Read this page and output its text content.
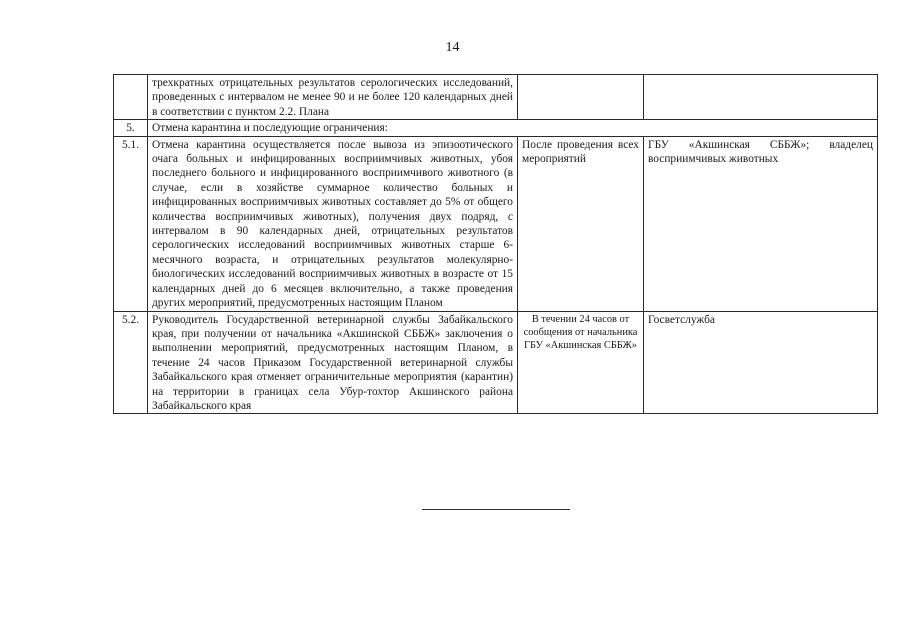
14
	трехкратных отрицательных результатов серологических исследований, проведенных с интервалом не менее 90 и не более 120 календарных дней в соответствии с пунктом 2.2. Плана		
5.	Отмена карантина и последующие ограничения:		
5.1.	Отмена карантина осуществляется после вывоза из эпизоотического очага больных и инфицированных восприимчивых животных, убоя последнего больного и инфицированного восприимчивого животного (в случае, если в хозяйстве суммарное количество больных и инфицированных восприимчивых животных составляет до 5% от общего количества восприимчивых животных), получения двух подряд, с интервалом в 90 календарных дней, отрицательных результатов серологических исследований восприимчивых животных старше 6-месячного возраста, и отрицательных результатов молекулярно-биологических исследований восприимчивых животных в возрасте от 15 календарных дней до 6 месяцев включительно, а также проведения других мероприятий, предусмотренных настоящим Планом	После проведения всех мероприятий	ГБУ «Акшинская СББЖ»; владелец восприимчивых животных
5.2.	Руководитель Государственной ветеринарной службы Забайкальского края, при получении от начальника «Акшинской СББЖ» заключения о выполнении мероприятий, предусмотренных настоящим Планом, в течение 24 часов Приказом Государственной ветеринарной службы Забайкальского края отменяет ограничительные мероприятия (карантин) на территории в границах села Убур-тохтор Акшинского района Забайкальского края	В течении 24 часов от сообщения от начальника ГБУ «Акшинская СББЖ»	Госветслужба
